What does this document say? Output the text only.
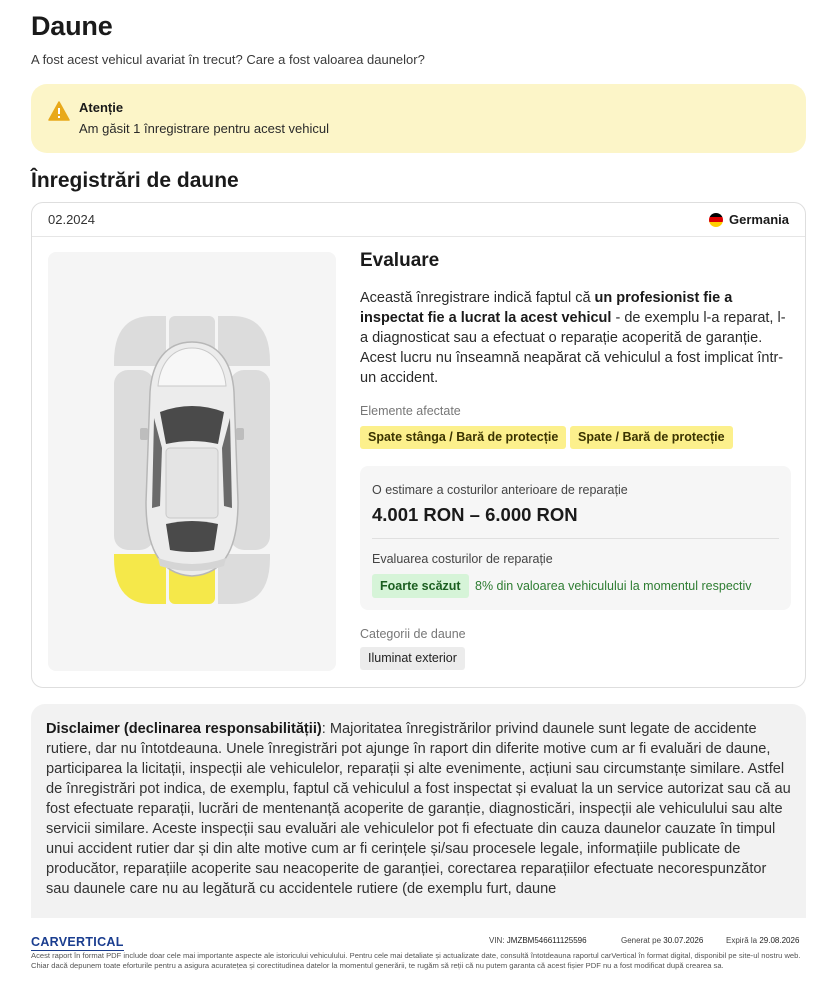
Daune
A fost acest vehicul avariat în trecut? Care a fost valoarea daunelor?
Atenție
Am găsit 1 înregistrare pentru acest vehicul
Înregistrări de daune
02.2024	Germania
Evaluare
Această înregistrare indică faptul că un profesionist fie a inspectat fie a lucrat la acest vehicul - de exemplu l-a reparat, l-a diagnosticat sau a efectuat o reparație acoperită de garanție. Acest lucru nu înseamnă neapărat că vehiculul a fost implicat într-un accident.
Elemente afectate
Spate stânga / Bară de protecție	Spate / Bară de protecție
O estimare a costurilor anterioare de reparație
4.001 RON – 6.000 RON
Evaluarea costurilor de reparație
Foarte scăzut	8% din valoarea vehiculului la momentul respectiv
Categorii de daune
Iluminat exterior

Disclaimer (declinarea responsabilității): Majoritatea înregistrărilor privind daunele sunt legate de accidente rutiere, dar nu întotdeauna. Unele înregistrări pot ajunge în raport din diferite motive cum ar fi evaluări de daune, participarea la licitații, inspecții ale vehiculelor, reparații și alte evenimente, acțiuni sau circumstanțe similare. Astfel de înregistrări pot indica, de exemplu, faptul că vehiculul a fost inspectat și evaluat la un service autorizat sau că au fost efectuate reparații, lucrări de mentenanță acoperite de garanție, diagnosticări, inspecții ale vehiculului sau alte servicii similare. Aceste inspecții sau evaluări ale vehiculelor pot fi efectuate din cauza daunelor cauzate în timpul unui accident rutier dar și din alte motive cum ar fi cerințele și/sau procesele legale, informațiile publicate de producător, reparațiile acoperite sau neacoperite de garanției, corectarea reparațiilor efectuate necorespunzător sau daunele care nu au legătură cu accidentele rutiere (de exemplu furt, daune

CARVERTICAL	VIN: JMZBM546611125596	Generat pe 30.07.2026	Expiră la 29.08.2026
Acest raport în format PDF include doar cele mai importante aspecte ale istoricului vehiculului. Pentru cele mai detaliate și actualizate date, consultă întotdeauna raportul carVertical în format digital, disponibil pe site-ul nostru web. Chiar dacă depunem toate eforturile pentru a asigura acuratețea și corectitudinea datelor la momentul generării, te rugăm să reții că nu putem garanta că acest fișier PDF nu a fost modificat după crearea sa.
